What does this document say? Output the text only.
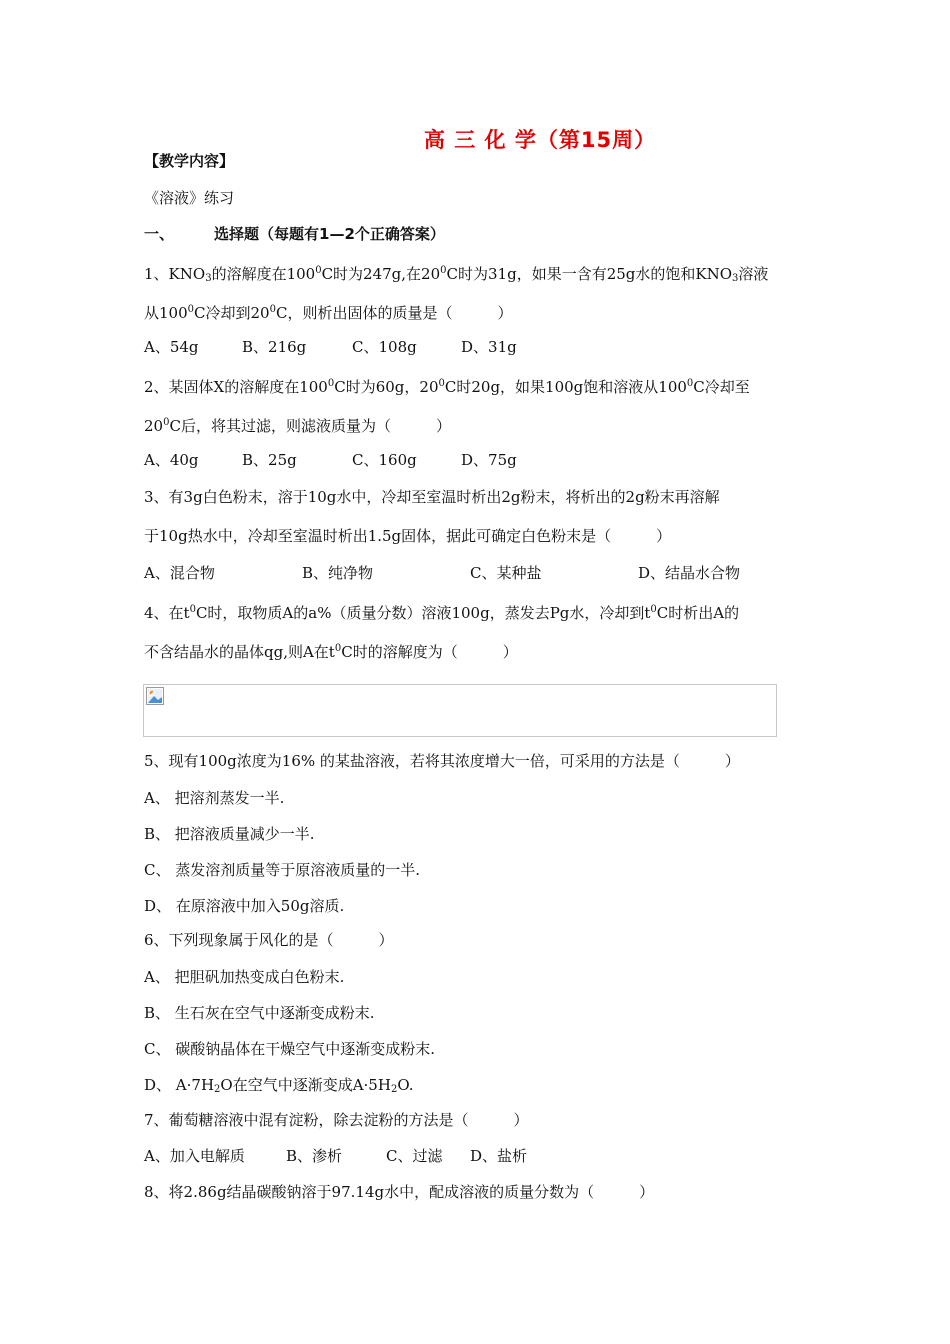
高 三 化 学（第15周）
【教学内容】
《溶液》练习
一、	选择题（每题有1—2个正确答案）
1、$KNO_3$的溶解度在$100^0C$时为247g,在$20^0C$时为31g，如果一含有25g水的饱和$KNO_3$溶液
从$100^0C$冷却到$20^0C$，则析出固体的质量是（　　　）
A、54g	B、216g	C、108g	D、31g
2、某固体X的溶解度在$100^0C$时为60g，$20^0C$时20g，如果100g饱和溶液从$100^0C$冷却至
$20^0C$后，将其过滤，则滤液质量为（　　　）
A、40g	B、25g	C、160g	D、75g
3、有3g白色粉末，溶于10g水中，冷却至室温时析出2g粉末，将析出的2g粉末再溶解
于10g热水中，冷却至室温时析出1.5g固体，据此可确定白色粉末是（　　　）
A、混合物	B、纯净物	C、某种盐	D、结晶水合物
4、在$t^0C$时，取物质A的a%（质量分数）溶液100g，蒸发去Pg水，冷却到$t^0C$时析出A的
不含结晶水的晶体qg,则A在$t^0C$时的溶解度为（　　　）
5、现有100g浓度为16% 的某盐溶液，若将其浓度增大一倍，可采用的方法是（　　　）
A、 把溶剂蒸发一半.
B、 把溶液质量减少一半.
C、 蒸发溶剂质量等于原溶液质量的一半.
D、 在原溶液中加入50g溶质.
6、下列现象属于风化的是（　　　）
A、 把胆矾加热变成白色粉末.
B、 生石灰在空气中逐渐变成粉末.
C、 碳酸钠晶体在干燥空气中逐渐变成粉末.
D、 $A\cdot 7H_2O$在空气中逐渐变成$A\cdot 5H_2O$.
7、葡萄糖溶液中混有淀粉，除去淀粉的方法是（　　　）
A、加入电解质	B、渗析	C、过滤 D、盐析
8、将2.86g结晶碳酸钠溶于97.14g水中，配成溶液的质量分数为（　　　）
